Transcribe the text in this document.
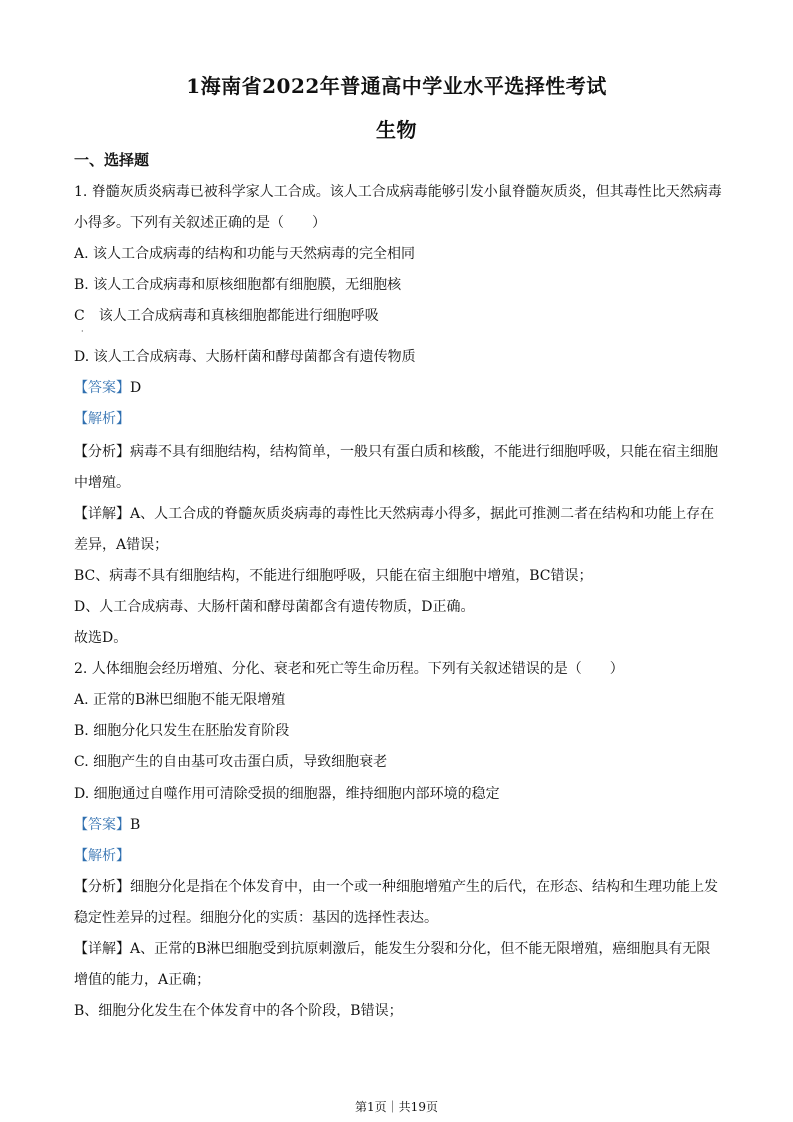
1海南省2022年普通高中学业水平选择性考试
生物
一、选择题
1. 脊髓灰质炎病毒已被科学家人工合成。该人工合成病毒能够引发小鼠脊髓灰质炎，但其毒性比天然病毒
小得多。下列有关叙述正确的是（　　）
A. 该人工合成病毒的结构和功能与天然病毒的完全相同
B. 该人工合成病毒和原核细胞都有细胞膜，无细胞核
C　该人工合成病毒和真核细胞都能进行细胞呼吸
·
D. 该人工合成病毒、大肠杆菌和酵母菌都含有遗传物质
【答案】D
【解析】
【分析】病毒不具有细胞结构，结构简单，一般只有蛋白质和核酸，不能进行细胞呼吸，只能在宿主细胞
中增殖。
【详解】A、人工合成的脊髓灰质炎病毒的毒性比天然病毒小得多，据此可推测二者在结构和功能上存在
差异，A错误；
BC、病毒不具有细胞结构，不能进行细胞呼吸，只能在宿主细胞中增殖，BC错误；
D、人工合成病毒、大肠杆菌和酵母菌都含有遗传物质，D正确。
故选D。
2. 人体细胞会经历增殖、分化、衰老和死亡等生命历程。下列有关叙述错误的是（　　）
A. 正常的B淋巴细胞不能无限增殖
B. 细胞分化只发生在胚胎发育阶段
C. 细胞产生的自由基可攻击蛋白质，导致细胞衰老
D. 细胞通过自噬作用可清除受损的细胞器，维持细胞内部环境的稳定
【答案】B
【解析】
【分析】细胞分化是指在个体发育中，由一个或一种细胞增殖产生的后代，在形态、结构和生理功能上发
稳定性差异的过程。细胞分化的实质：基因的选择性表达。
【详解】A、正常的B淋巴细胞受到抗原刺激后，能发生分裂和分化，但不能无限增殖，癌细胞具有无限
增值的能力，A正确；
B、细胞分化发生在个体发育中的各个阶段，B错误；
第1页｜共19页
